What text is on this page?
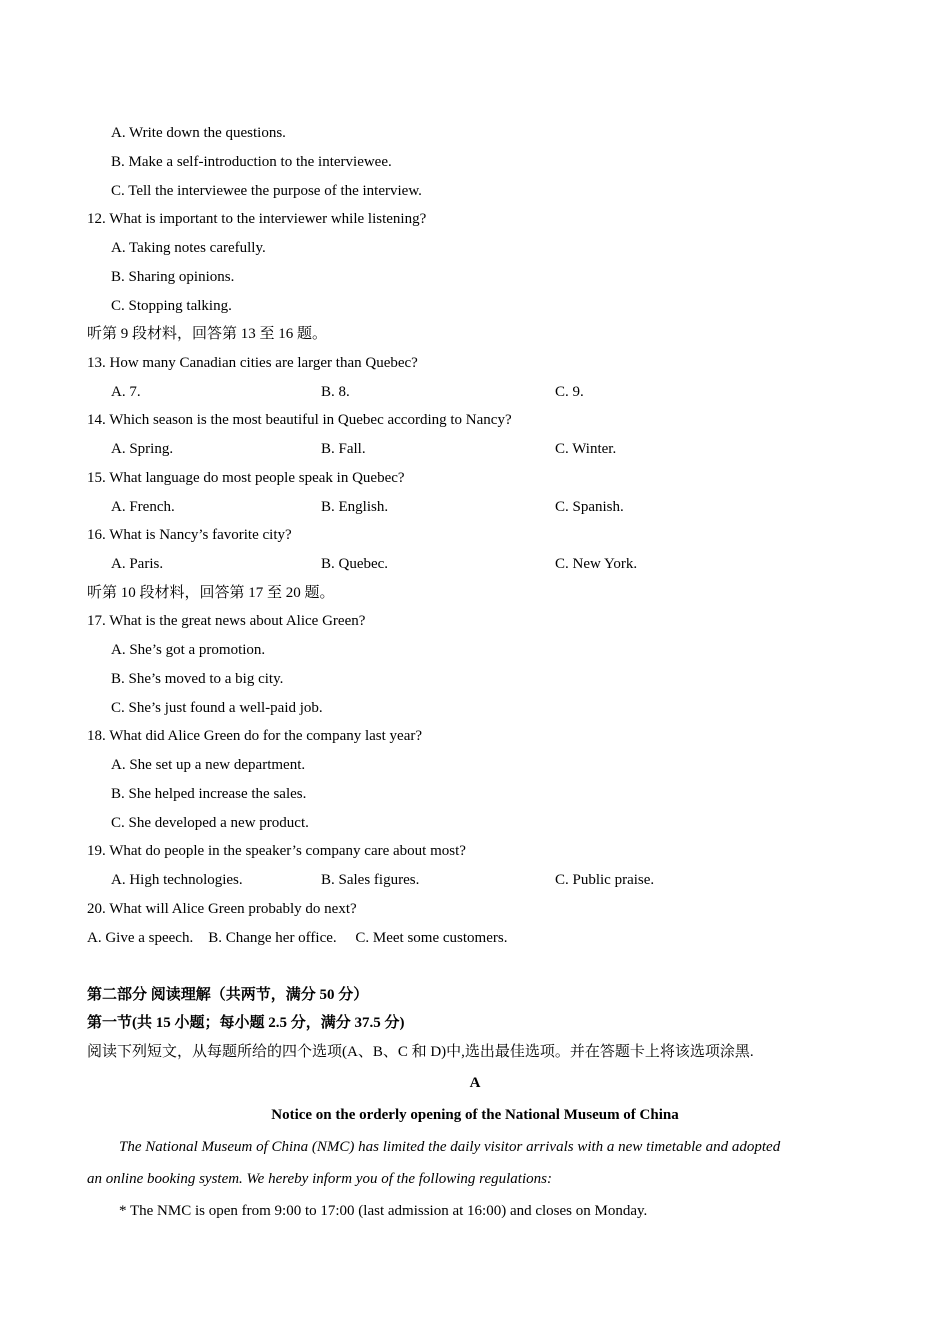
A. Write down the questions.
B. Make a self-introduction to the interviewee.
C. Tell the interviewee the purpose of the interview.
12. What is important to the interviewer while listening?
A. Taking notes carefully.
B. Sharing opinions.
C. Stopping talking.
听第 9 段材料，回答第 13 至 16 题。
13. How many Canadian cities are larger than Quebec?
A. 7.	B. 8.	C. 9.
14. Which season is the most beautiful in Quebec according to Nancy?
A. Spring.	B. Fall.	C. Winter.
15. What language do most people speak in Quebec?
A. French.	B. English.	C. Spanish.
16. What is Nancy’s favorite city?
A. Paris.	B. Quebec.	C. New York.
听第 10 段材料，回答第 17 至 20 题。
17. What is the great news about Alice Green?
A. She’s got a promotion.
B. She’s moved to a big city.
C. She’s just found a well-paid job.
18. What did Alice Green do for the company last year?
A. She set up a new department.
B. She helped increase the sales.
C. She developed a new product.
19. What do people in the speaker’s company care about most?
A. High technologies.	B. Sales figures.	C. Public praise.
20. What will Alice Green probably do next?
A. Give a speech.    B. Change her office.     C. Meet some customers.
第二部分 阅读理解（共两节，满分 50 分）
第一节(共 15 小题；每小题 2.5 分，满分 37.5 分)
阅读下列短文，从每题所给的四个选项(A、B、C 和 D)中,选出最佳选项。并在答题卡上将该选项涂黑.
A
Notice on the orderly opening of the National Museum of China
The National Museum of China (NMC) has limited the daily visitor arrivals with a new timetable and adopted
an online booking system. We hereby inform you of the following regulations:
* The NMC is open from 9:00 to 17:00 (last admission at 16:00) and closes on Monday.
